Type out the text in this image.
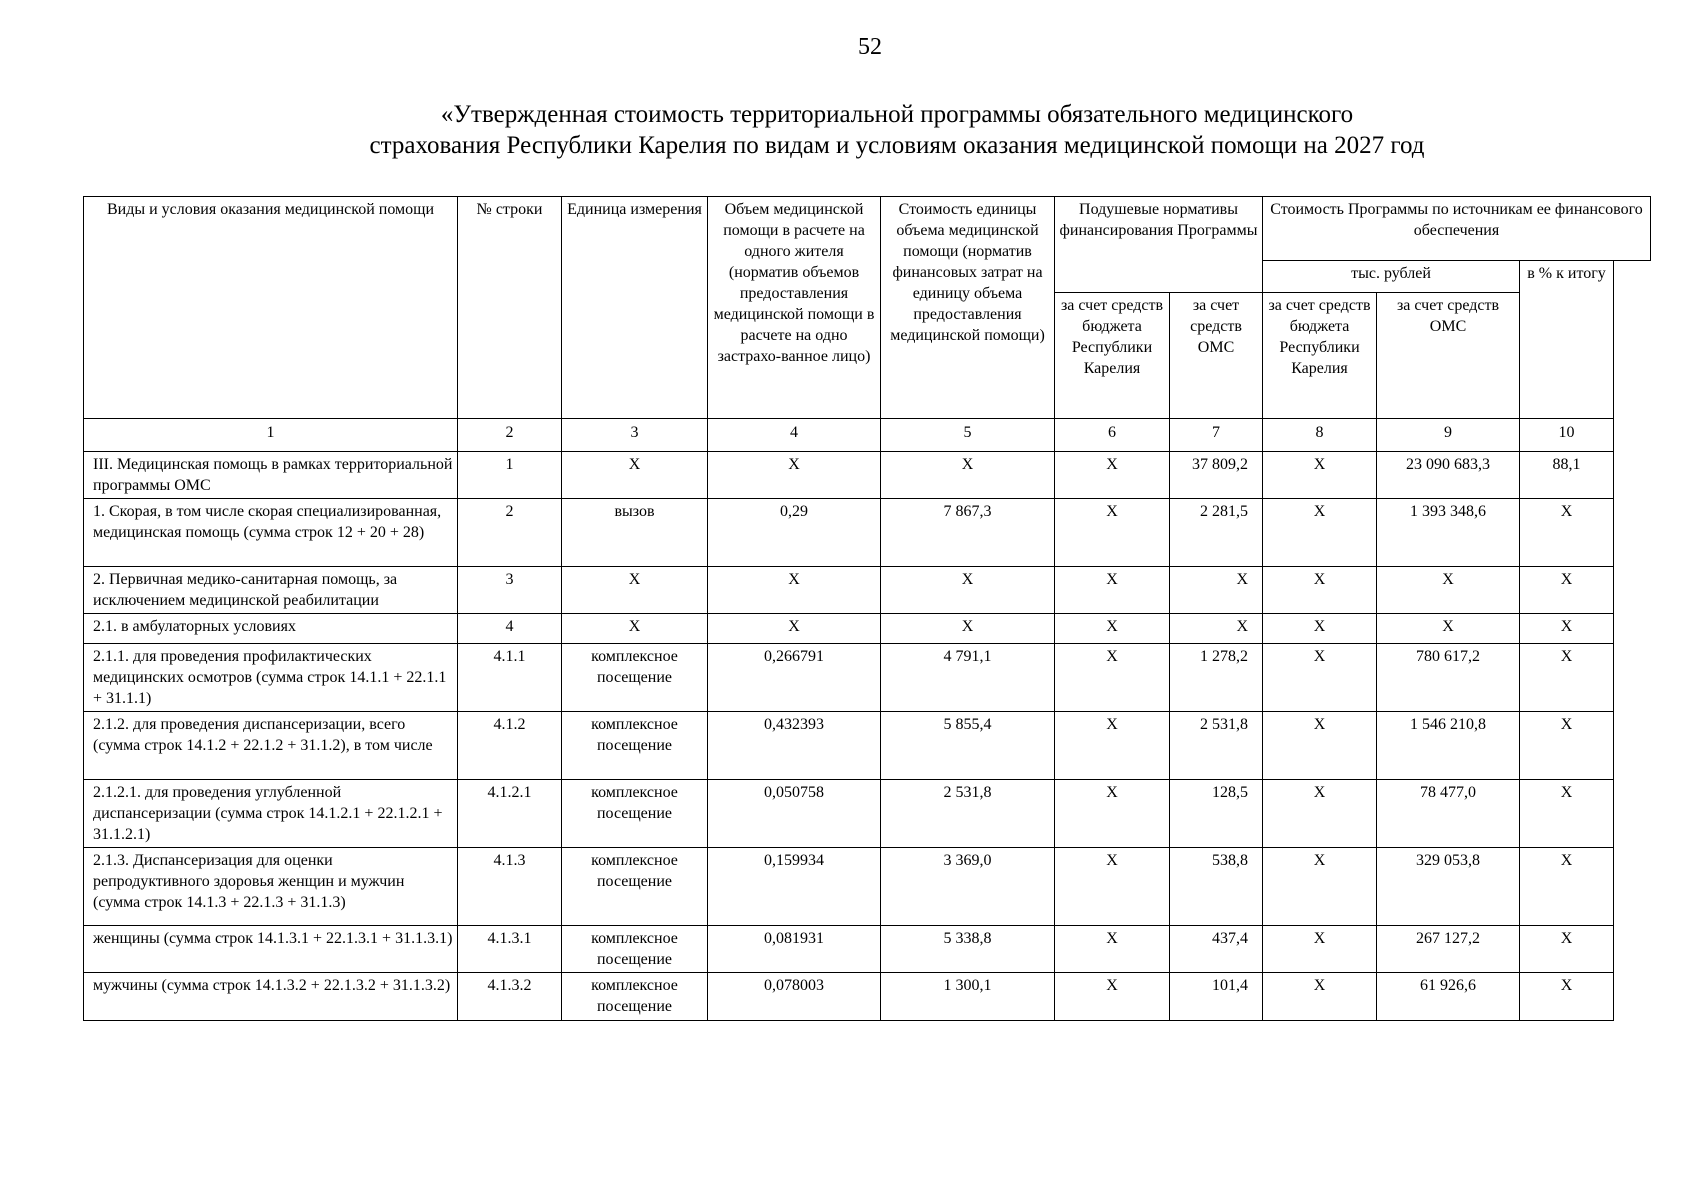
52
«Утвержденная стоимость территориальной программы обязательного медицинского
страхования Республики Карелия по видам и условиям оказания медицинской помощи на 2027 год
Виды и условия оказания медицинской помощи	№ строки	Единица измерения	Объем медицинской помощи в расчете на одного жителя (норматив объемов предоставления медицинской помощи в расчете на одно застрахо-ванное лицо)	Стоимость единицы объема медицинской помощи (норматив финансовых затрат на единицу объема предоставления медицинской помощи)	Подушевые нормативы финансирования Программы		Стоимость Программы по источникам ее финансового обеспечения		
							тыс. рублей		в % к итогу
					за счет средств бюджета Республики Карелия	за счет средств ОМС	за счет средств бюджета Республики Карелия	за счет средств ОМС	
1	2	3	4	5	6	7	8	9	10
III. Медицинская помощь в рамках территориальной программы ОМС	1	Х	Х	Х	Х	37 809,2	Х	23 090 683,3	88,1
1. Скорая, в том числе скорая специализированная, медицинская помощь (сумма строк 12 + 20 + 28)	2	вызов	0,29	7 867,3	Х	2 281,5	Х	1 393 348,6	Х
2. Первичная медико-санитарная помощь, за исключением медицинской реабилитации	3	Х	Х	Х	Х	Х	Х	Х	Х
2.1. в амбулаторных условиях	4	Х	Х	Х	Х	Х	Х	Х	Х
2.1.1. для проведения профилактических медицинских осмотров (сумма строк 14.1.1 + 22.1.1 + 31.1.1)	4.1.1	комплексное посещение	0,266791	4 791,1	Х	1 278,2	Х	780 617,2	Х
2.1.2. для проведения диспансеризации, всего (сумма строк 14.1.2 + 22.1.2 + 31.1.2), в том числе	4.1.2	комплексное посещение	0,432393	5 855,4	Х	2 531,8	Х	1 546 210,8	Х
2.1.2.1. для проведения углубленной диспансеризации (сумма строк 14.1.2.1 + 22.1.2.1 + 31.1.2.1)	4.1.2.1	комплексное посещение	0,050758	2 531,8	Х	128,5	Х	78 477,0	Х
2.1.3. Диспансеризация для оценки репродуктивного здоровья женщин и мужчин (сумма строк 14.1.3 + 22.1.3 + 31.1.3)	4.1.3	комплексное посещение	0,159934	3 369,0	Х	538,8	Х	329 053,8	Х
женщины (сумма строк 14.1.3.1 + 22.1.3.1 + 31.1.3.1)	4.1.3.1	комплексное посещение	0,081931	5 338,8	Х	437,4	Х	267 127,2	Х
мужчины (сумма строк 14.1.3.2 + 22.1.3.2 + 31.1.3.2)	4.1.3.2	комплексное посещение	0,078003	1 300,1	Х	101,4	Х	61 926,6	Х
